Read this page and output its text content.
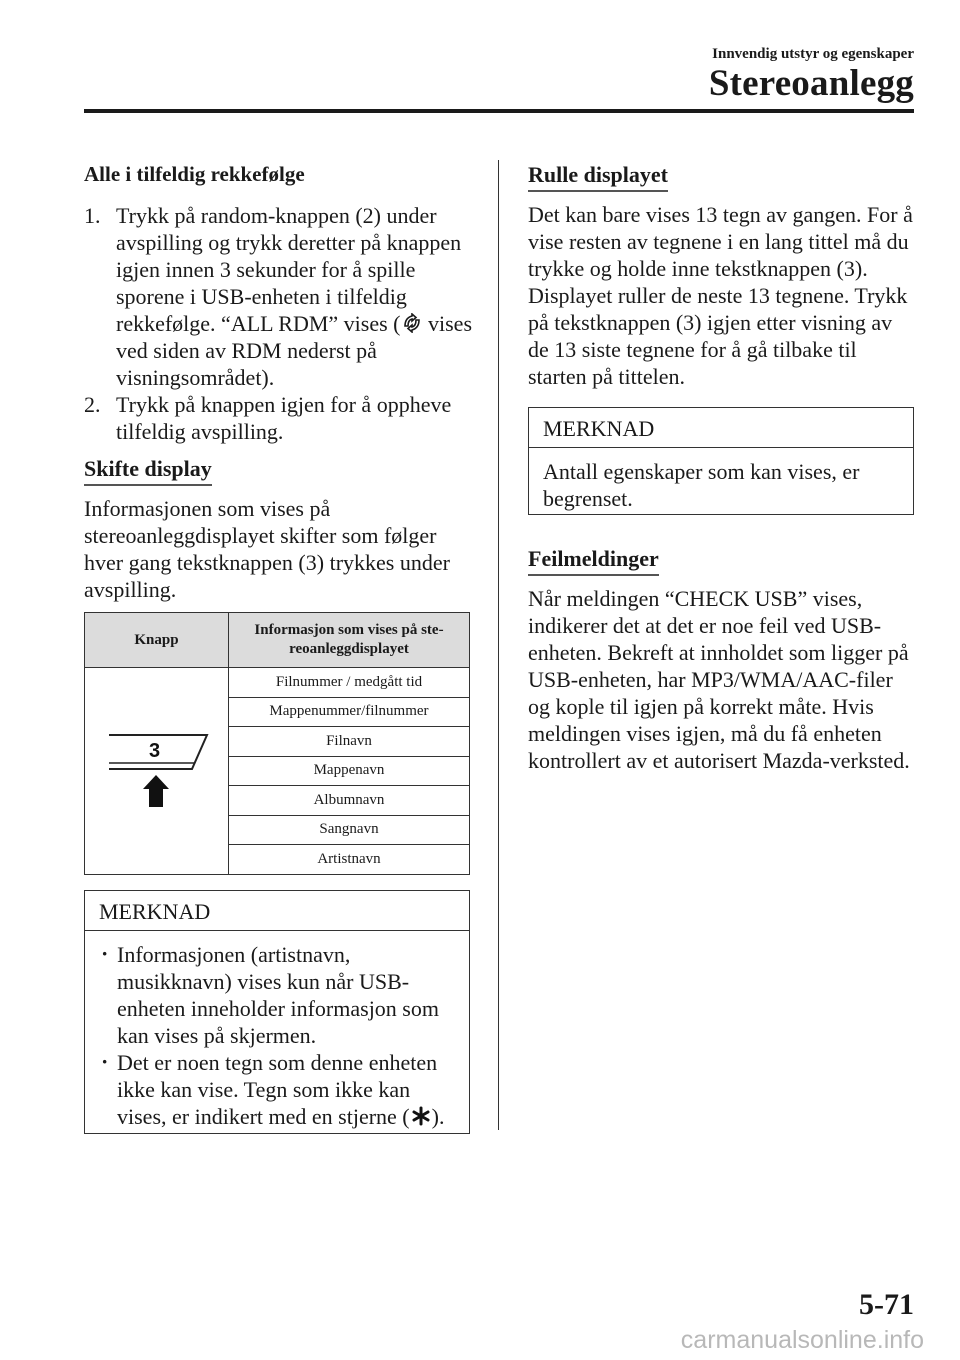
Innvendig utstyr og egenskaper
Stereoanlegg
Alle i tilfeldig rekkefølge
1. Trykk på random-knappen (2) under avspilling og trykk deretter på knappen igjen innen 3 sekunder for å spille sporene i USB-enheten i tilfeldig rekkefølge. “ALL RDM” vises ( vises ved siden av RDM nederst på visningsområdet).
2. Trykk på knappen igjen for å oppheve tilfeldig avspilling.
Skifte display
Informasjonen som vises på stereoanleggdisplayet skifter som følger hver gang tekstknappen (3) trykkes under avspilling.
Knapp	Informasjon som vises på stereoanleggdisplayet

3	Filnummer / medgått tid
	Mappenummer/filnummer
	Filnavn
	Mappenavn
	Albumnavn
	Sangnavn
	Artistnavn
MERKNAD
· Informasjonen (artistnavn, musikknavn) vises kun når USB-enheten inneholder informasjon som kan vises på skjermen.
· Det er noen tegn som denne enheten ikke kan vise. Tegn som ikke kan vises, er indikert med en stjerne ( ).
Rulle displayet
Det kan bare vises 13 tegn av gangen. For å vise resten av tegnene i en lang tittel må du trykke og holde inne tekstknappen (3). Displayet ruller de neste 13 tegnene. Trykk på tekstknappen (3) igjen etter visning av de 13 siste tegnene for å gå tilbake til starten på tittelen.
MERKNAD
Antall egenskaper som kan vises, er begrenset.
Feilmeldinger
Når meldingen “CHECK USB” vises, indikerer det at det er noe feil ved USB-enheten. Bekreft at innholdet som ligger på USB-enheten, har MP3/WMA/AAC-filer og kople til igjen på korrekt måte. Hvis meldingen vises igjen, må du få enheten kontrollert av et autorisert Mazda-verksted.
5-71
carmanualsonline.info
